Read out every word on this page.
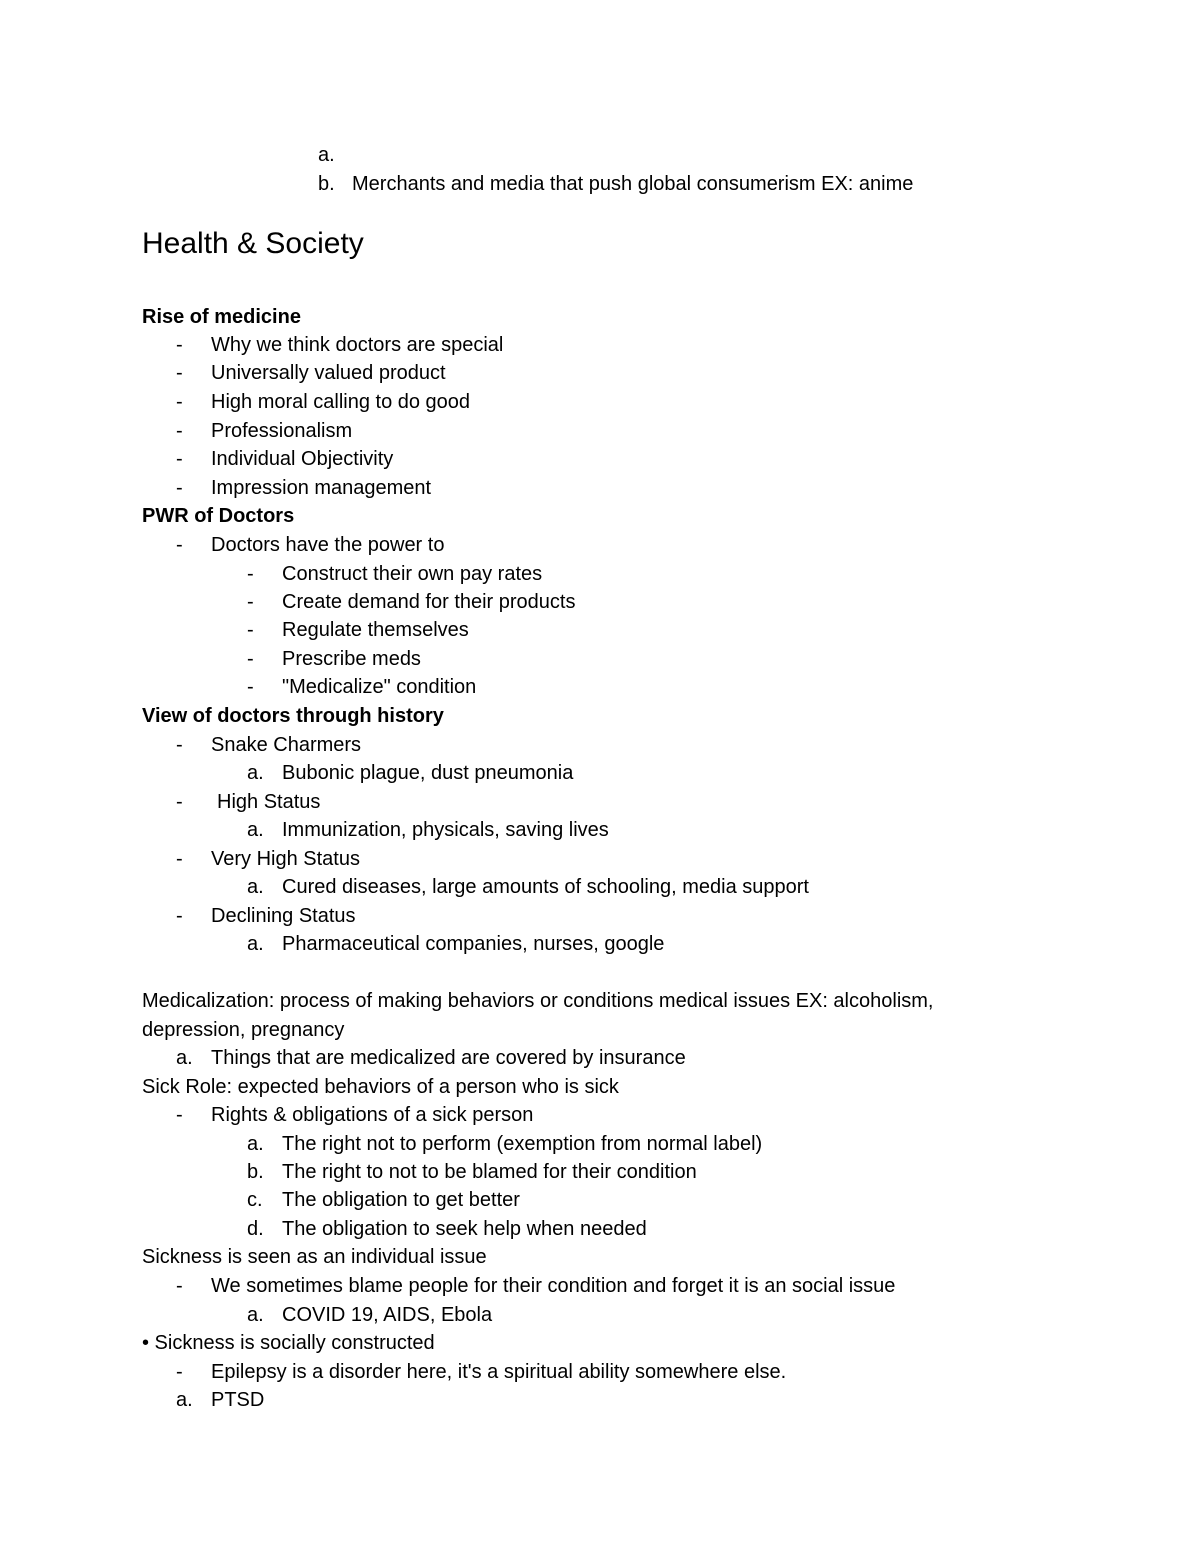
a.
b. Merchants and media that push global consumerism EX: anime
Health & Society
Rise of medicine
- Why we think doctors are special
- Universally valued product
- High moral calling to do good
- Professionalism
- Individual Objectivity
- Impression management
PWR of Doctors
- Doctors have the power to
- Construct their own pay rates
- Create demand for their products
- Regulate themselves
- Prescribe meds
- "Medicalize" condition
View of doctors through history
- Snake Charmers
a. Bubonic plague, dust pneumonia
- High Status
a. Immunization, physicals, saving lives
- Very High Status
a. Cured diseases, large amounts of schooling, media support
- Declining Status
a. Pharmaceutical companies, nurses, google
Medicalization: process of making behaviors or conditions medical issues EX: alcoholism,
depression, pregnancy
a. Things that are medicalized are covered by insurance
Sick Role: expected behaviors of a person who is sick
- Rights & obligations of a sick person
a. The right not to perform (exemption from normal label)
b. The right to not to be blamed for their condition
c. The obligation to get better
d. The obligation to seek help when needed
Sickness is seen as an individual issue
- We sometimes blame people for their condition and forget it is an social issue
a. COVID 19, AIDS, Ebola
• Sickness is socially constructed
- Epilepsy is a disorder here, it's a spiritual ability somewhere else.
a. PTSD
